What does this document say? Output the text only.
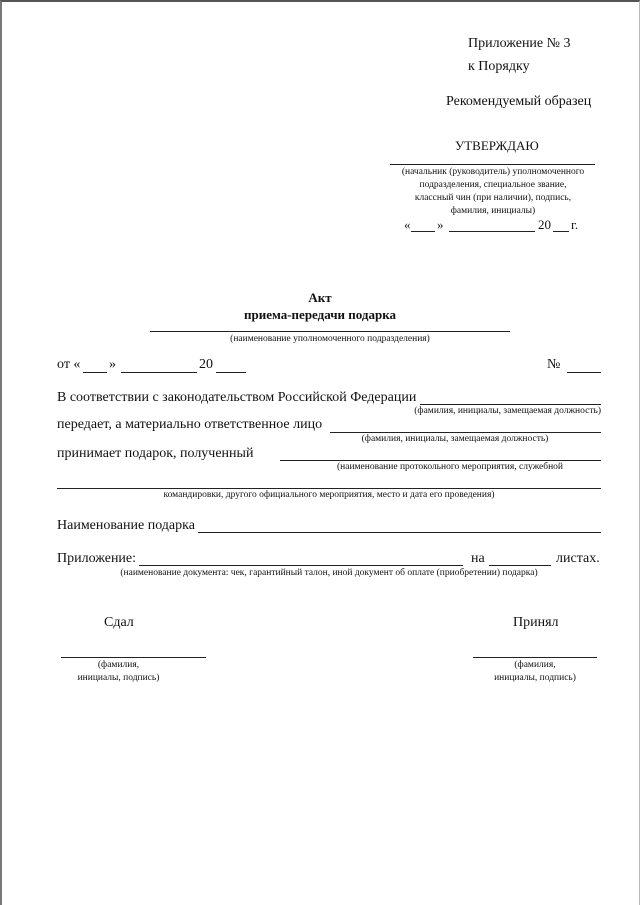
Приложение № 3
к Порядку
Рекомендуемый образец
УТВЕРЖДАЮ
(начальник (руководитель) уполномоченного
подразделения, специальное звание,
классный чин (при наличии), подпись,
фамилия, инициалы)
« »	20 г.
Акт
приема-передачи подарка
(наименование уполномоченного подразделения)
от « »	20	№
В соответствии с законодательством Российской Федерации
(фамилия, инициалы, замещаемая должность)
передает, а материально ответственное лицо
(фамилия, инициалы, замещаемая должность)
принимает подарок, полученный
(наименование протокольного мероприятия, служебной
командировки, другого официального мероприятия, место и дата его проведения)
Наименование подарка
Приложение:	на	листах.
(наименование документа: чек, гарантийный талон, иной документ об оплате (приобретении) подарка)
Сдал	Принял
(фамилия,
инициалы, подпись)
(фамилия,
инициалы, подпись)
